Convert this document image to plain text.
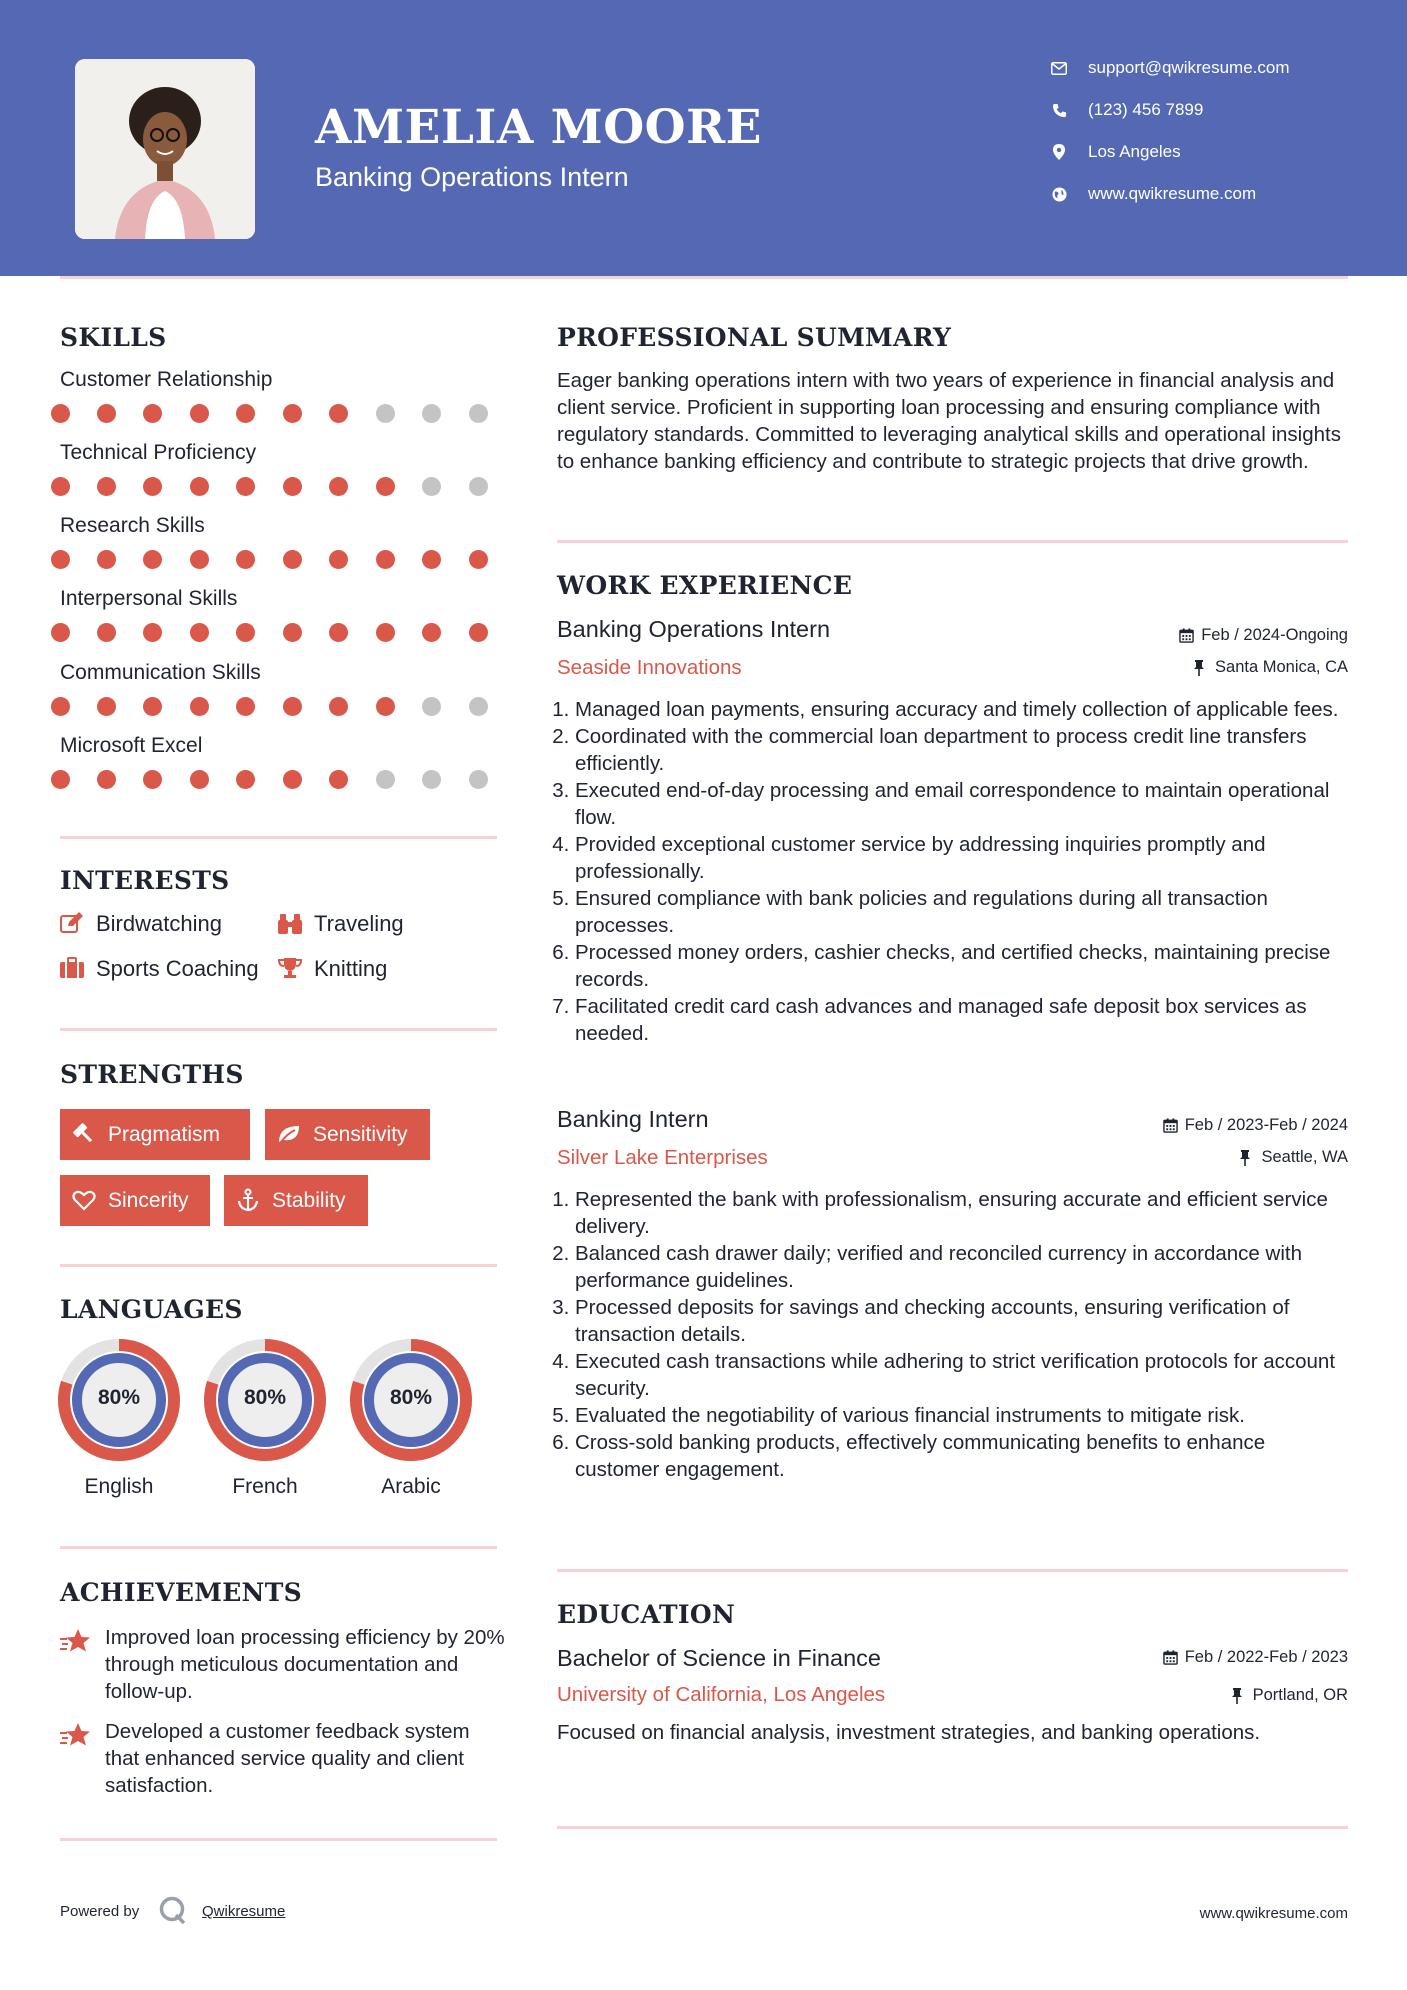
AMELIA MOORE
Banking Operations Intern
support@qwikresume.com
(123) 456 7899
Los Angeles
www.qwikresume.com
SKILLS
Customer Relationship
Technical Proficiency
Research Skills
Interpersonal Skills
Communication Skills
Microsoft Excel
INTERESTS
Birdwatching	Traveling
Sports Coaching	Knitting
STRENGTHS
Pragmatism	Sensitivity
Sincerity	Stability
LANGUAGES
80%
English
80%
French
80%
Arabic
ACHIEVEMENTS
Improved loan processing efficiency by 20% through meticulous documentation and follow-up.
Developed a customer feedback system that enhanced service quality and client satisfaction.
PROFESSIONAL SUMMARY
Eager banking operations intern with two years of experience in financial analysis and client service. Proficient in supporting loan processing and ensuring compliance with regulatory standards. Committed to leveraging analytical skills and operational insights to enhance banking efficiency and contribute to strategic projects that drive growth.
WORK EXPERIENCE
Banking Operations Intern	Feb / 2024-Ongoing
Seaside Innovations	Santa Monica, CA
1. Managed loan payments, ensuring accuracy and timely collection of applicable fees.
2. Coordinated with the commercial loan department to process credit line transfers efficiently.
3. Executed end-of-day processing and email correspondence to maintain operational flow.
4. Provided exceptional customer service by addressing inquiries promptly and professionally.
5. Ensured compliance with bank policies and regulations during all transaction processes.
6. Processed money orders, cashier checks, and certified checks, maintaining precise records.
7. Facilitated credit card cash advances and managed safe deposit box services as needed.
Banking Intern	Feb / 2023-Feb / 2024
Silver Lake Enterprises	Seattle, WA
1. Represented the bank with professionalism, ensuring accurate and efficient service delivery.
2. Balanced cash drawer daily; verified and reconciled currency in accordance with performance guidelines.
3. Processed deposits for savings and checking accounts, ensuring verification of transaction details.
4. Executed cash transactions while adhering to strict verification protocols for account security.
5. Evaluated the negotiability of various financial instruments to mitigate risk.
6. Cross-sold banking products, effectively communicating benefits to enhance customer engagement.
EDUCATION
Bachelor of Science in Finance	Feb / 2022-Feb / 2023
University of California, Los Angeles	Portland, OR
Focused on financial analysis, investment strategies, and banking operations.
Powered by	Qwikresume	www.qwikresume.com
